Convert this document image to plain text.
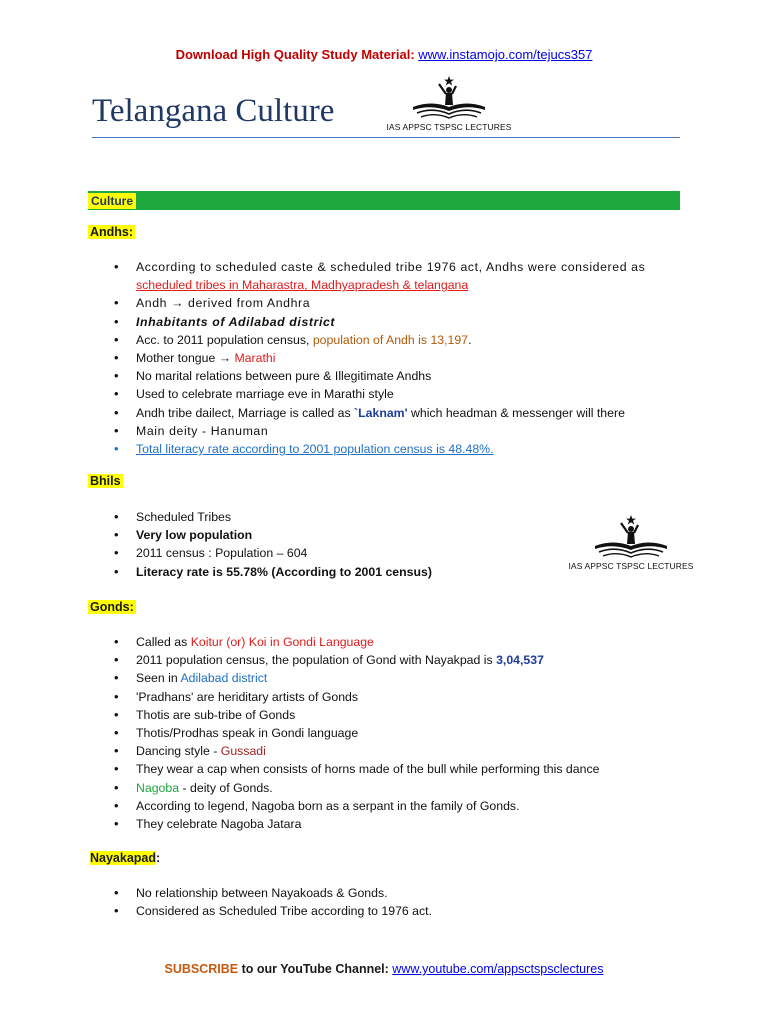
Download High Quality Study Material: www.instamojo.com/tejucs357
Telangana Culture	IAS APPSC TSPSC LECTURES
Culture
Andhs:
• According to scheduled caste & scheduled tribe 1976 act, Andhs were considered as
scheduled tribes in Maharastra, Madhyapradesh & telangana
• Andh → derived from Andhra
• Inhabitants of Adilabad district
• Acc. to 2011 population census, population of Andh is 13,197.
• Mother tongue → Marathi
• No marital relations between pure & Illegitimate Andhs
• Used to celebrate marriage eve in Marathi style
• Andh tribe dailect, Marriage is called as `Laknam' which headman & messenger will there
• Main deity - Hanuman
• Total literacy rate according to 2001 population census is 48.48%.
Bhils
• Scheduled Tribes
• Very low population
• 2011 census : Population – 604
• Literacy rate is 55.78% (According to 2001 census)	IAS APPSC TSPSC LECTURES
Gonds:
• Called as Koitur (or) Koi in Gondi Language
• 2011 population census, the population of Gond with Nayakpad is 3,04,537
• Seen in Adilabad district
• 'Pradhans' are heriditary artists of Gonds
• Thotis are sub-tribe of Gonds
• Thotis/Prodhas speak in Gondi language
• Dancing style - Gussadi
• They wear a cap when consists of horns made of the bull while performing this dance
• Nagoba - deity of Gonds.
• According to legend, Nagoba born as a serpant in the family of Gonds.
• They celebrate Nagoba Jatara
Nayakapad:
• No relationship between Nayakoads & Gonds.
• Considered as Scheduled Tribe according to 1976 act.
SUBSCRIBE to our YouTube Channel: www.youtube.com/appsctspsclectures
